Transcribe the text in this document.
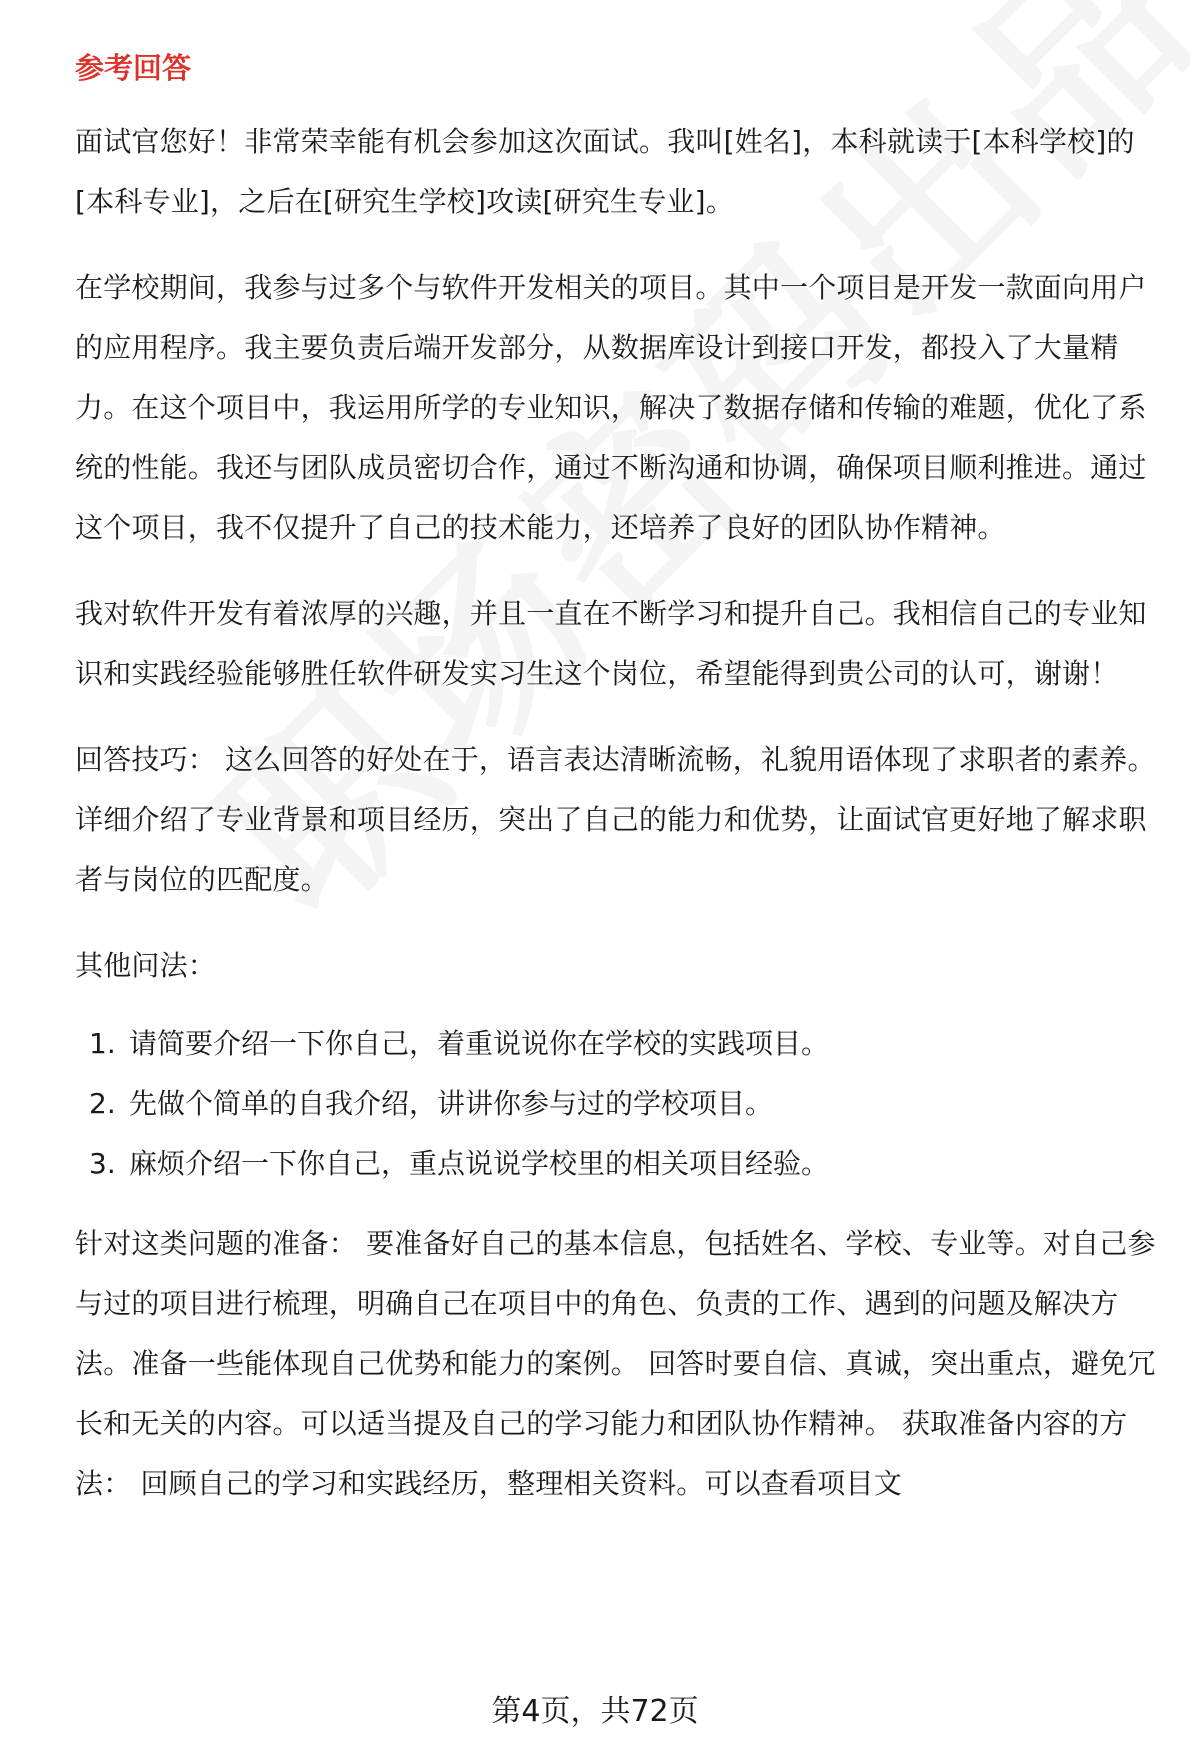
参考回答

面试官您好！非常荣幸能有机会参加这次面试。我叫[姓名]，本科就读于[本科学校]的[本科专业]，之后在[研究生学校]攻读[研究生专业]。

在学校期间，我参与过多个与软件开发相关的项目。其中一个项目是开发一款面向用户的应用程序。我主要负责后端开发部分，从数据库设计到接口开发，都投入了大量精力。在这个项目中，我运用所学的专业知识，解决了数据存储和传输的难题，优化了系统的性能。我还与团队成员密切合作，通过不断沟通和协调，确保项目顺利推进。通过这个项目，我不仅提升了自己的技术能力，还培养了良好的团队协作精神。

我对软件开发有着浓厚的兴趣，并且一直在不断学习和提升自己。我相信自己的专业知识和实践经验能够胜任软件研发实习生这个岗位，希望能得到贵公司的认可，谢谢！

回答技巧： 这么回答的好处在于，语言表达清晰流畅，礼貌用语体现了求职者的素养。详细介绍了专业背景和项目经历，突出了自己的能力和优势，让面试官更好地了解求职者与岗位的匹配度。

其他问法：

1. 请简要介绍一下你自己，着重说说你在学校的实践项目。
2. 先做个简单的自我介绍，讲讲你参与过的学校项目。
3. 麻烦介绍一下你自己，重点说说学校里的相关项目经验。

针对这类问题的准备： 要准备好自己的基本信息，包括姓名、学校、专业等。对自己参与过的项目进行梳理，明确自己在项目中的角色、负责的工作、遇到的问题及解决方法。准备一些能体现自己优势和能力的案例。 回答时要自信、真诚，突出重点，避免冗长和无关的内容。可以适当提及自己的学习能力和团队协作精神。 获取准备内容的方法： 回顾自己的学习和实践经历，整理相关资料。可以查看项目文

第4页，共72页
